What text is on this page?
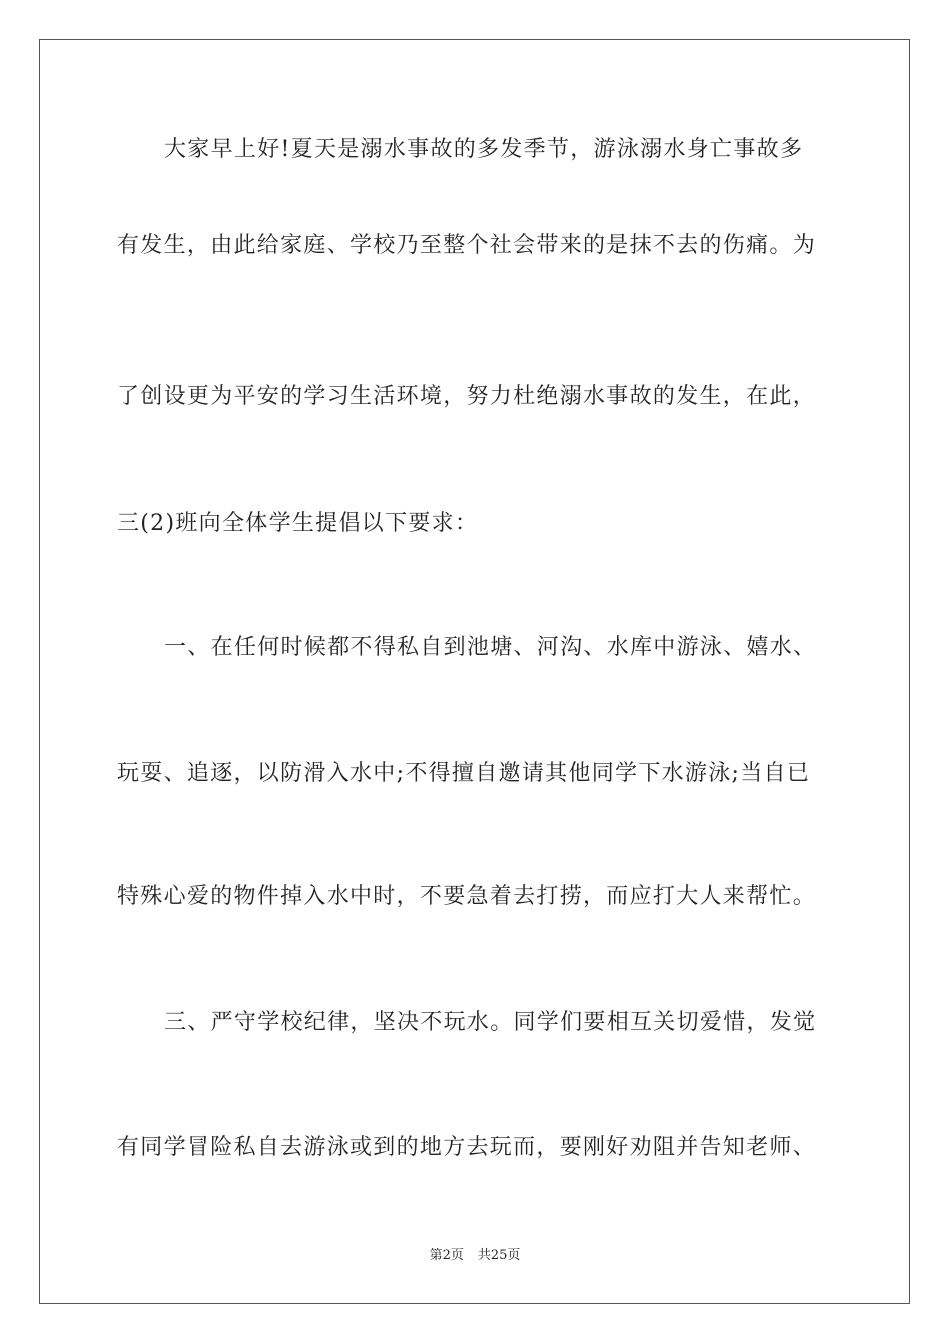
大家早上好!夏天是溺水事故的多发季节，游泳溺水身亡事故多
有发生，由此给家庭、学校乃至整个社会带来的是抹不去的伤痛。为
了创设更为平安的学习生活环境，努力杜绝溺水事故的发生，在此，
三(2)班向全体学生提倡以下要求：
一、在任何时候都不得私自到池塘、河沟、水库中游泳、嬉水、
玩耍、追逐，以防滑入水中;不得擅自邀请其他同学下水游泳;当自已
特殊心爱的物件掉入水中时，不要急着去打捞，而应打大人来帮忙。
三、严守学校纪律，坚决不玩水。同学们要相互关切爱惜，发觉
有同学冒险私自去游泳或到的地方去玩而，要刚好劝阻并告知老师、
第2页 共25页
